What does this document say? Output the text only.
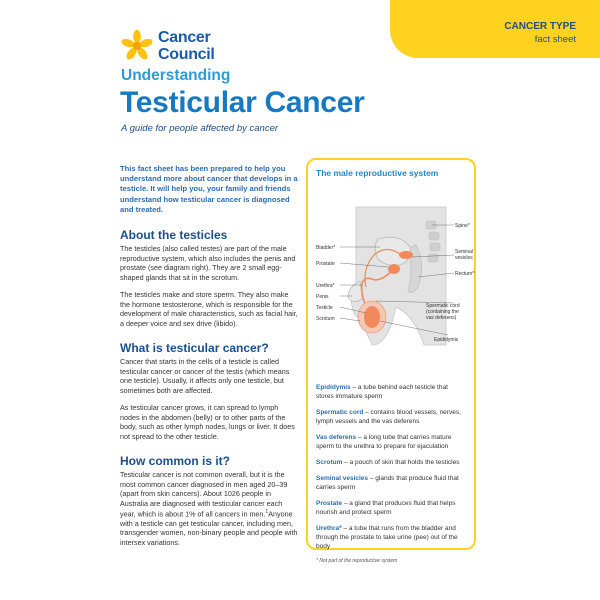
Cancer
Council
CANCER TYPE
fact sheet
Understanding
Testicular Cancer
A guide for people affected by cancer

This fact sheet has been prepared to help you understand more about cancer that develops in a testicle. It will help you, your family and friends understand how testicular cancer is diagnosed and treated.

About the testicles

The testicles (also called testes) are part of the male reproductive system, which also includes the penis and prostate (see diagram right). They are 2 small egg-shaped glands that sit in the scrotum.

The testicles make and store sperm. They also make the hormone testosterone, which is responsible for the development of male characteristics, such as facial hair, a deeper voice and sex drive (libido).

What is testicular cancer?

Cancer that starts in the cells of a testicle is called testicular cancer or cancer of the testis (which means one testicle). Usually, it affects only one testicle, but sometimes both are affected.

As testicular cancer grows, it can spread to lymph nodes in the abdomen (belly) or to other parts of the body, such as other lymph nodes, lungs or liver. It does not spread to the other testicle.

How common is it?

Testicular cancer is not common overall, but it is the most common cancer diagnosed in men aged 20–39 (apart from skin cancers). About 1026 people in Australia are diagnosed with testicular cancer each year, which is about 1% of all cancers in men.$^1$Anyone with a testicle can get testicular cancer, including men, transgender women, non-binary people and people with intersex variations.

The male reproductive system
Bladder*
Prostate
Urethra*
Penis
Testicle
Scrotum
Spine*
Seminal
vesicles
Rectum*
Spermatic cord
(containing the
vas deferens)
Epididymis

Epididymis – a tube behind each testicle that stores immature sperm

Spermatic cord – contains blood vessels, nerves, lymph vessels and the vas deferens

Vas deferens – a long tube that carries mature sperm to the urethra to prepare for ejaculation

Scrotum – a pouch of skin that holds the testicles

Seminal vesicles – glands that produce fluid that carries sperm

Prostate – a gland that produces fluid that helps nourish and protect sperm

Urethra* – a tube that runs from the bladder and through the prostate to take urine (pee) out of the body

* Not part of the reproductive system
